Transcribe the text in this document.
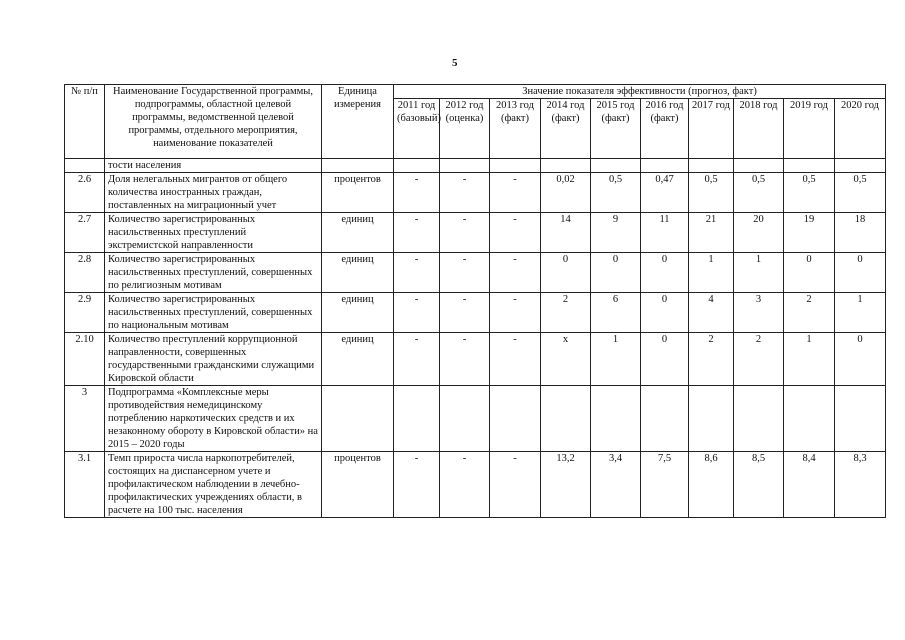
5
№ п/п	Наименование Государственной программы, подпрограммы, областной целевой программы, ведомственной целевой программы, отдельного мероприятия, наименование показателей	Единица измерения	Значение показателя эффективности (прогноз, факт)									
			2011 год (базовый)	2012 год (оценка)	2013 год (факт)	2014 год (факт)	2015 год (факт)	2016 год (факт)	2017 год	2018 год	2019 год	2020 год
	тости населения											
2.6	Доля нелегальных мигрантов от общего количества иностранных граждан, поставленных на миграционный учет	процентов	-	-	-	0,02	0,5	0,47	0,5	0,5	0,5	0,5
2.7	Количество зарегистрированных насильственных преступлений экстремистской направленности	единиц	-	-	-	14	9	11	21	20	19	18
2.8	Количество зарегистрированных насильственных преступлений, совершенных по религиозным мотивам	единиц	-	-	-	0	0	0	1	1	0	0
2.9	Количество зарегистрированных насильственных преступлений, совершенных по национальным мотивам	единиц	-	-	-	2	6	0	4	3	2	1
2.10	Количество преступлений коррупционной направленности, совершенных государственными гражданскими служащими Кировской области	единиц	-	-	-	х	1	0	2	2	1	0
3	Подпрограмма «Комплексные меры противодействия немедицинскому потреблению наркотических средств и их незаконному обороту в Кировской области» на 2015 – 2020 годы											
3.1	Темп прироста числа наркопотребителей, состоящих на диспансерном учете и профилактическом наблюдении в лечебно-профилактических учреждениях области, в расчете на 100 тыс. населения	процентов	-	-	-	13,2	3,4	7,5	8,6	8,5	8,4	8,3
